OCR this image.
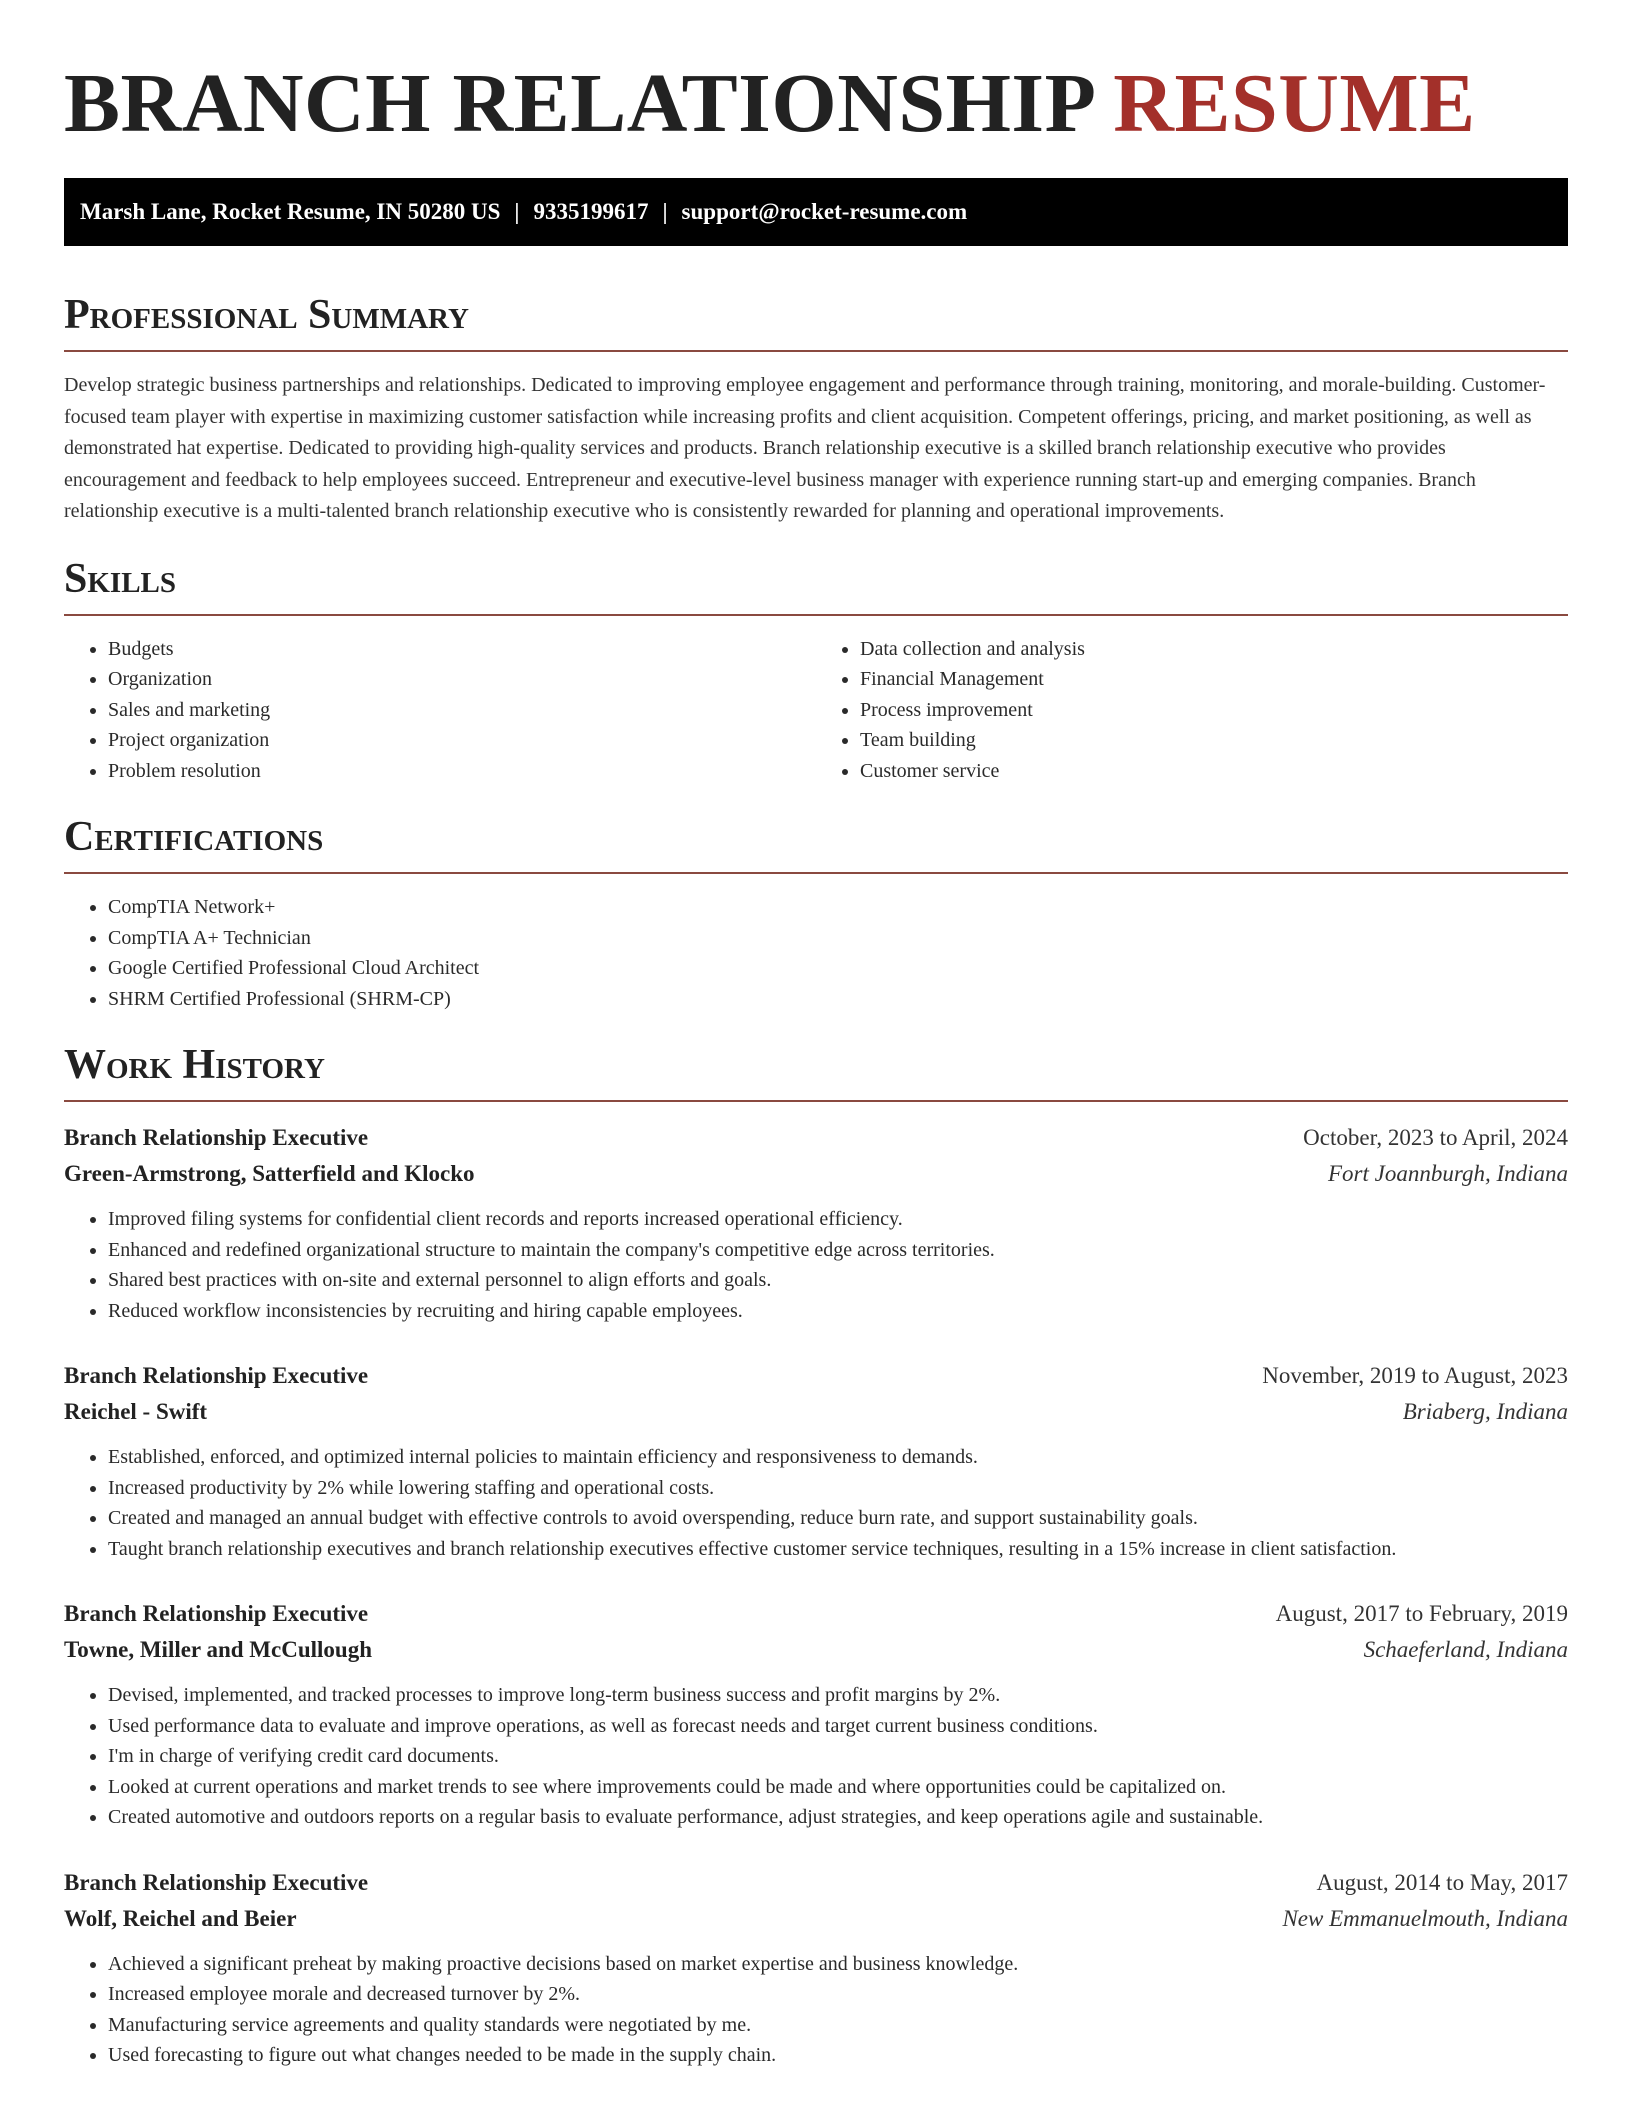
BRANCH RELATIONSHIP RESUME
Marsh Lane, Rocket Resume, IN 50280 US | 9335199617 | support@rocket-resume.com
Professional Summary

Develop strategic business partnerships and relationships. Dedicated to improving employee engagement and performance through training, monitoring, and morale-building. Customer-focused team player with expertise in maximizing customer satisfaction while increasing profits and client acquisition. Competent offerings, pricing, and market positioning, as well as demonstrated hat expertise. Dedicated to providing high-quality services and products. Branch relationship executive is a skilled branch relationship executive who provides encouragement and feedback to help employees succeed. Entrepreneur and executive-level business manager with experience running start-up and emerging companies. Branch relationship executive is a multi-talented branch relationship executive who is consistently rewarded for planning and operational improvements.

Skills
• Budgets
• Organization
• Sales and marketing
• Project organization
• Problem resolution
• Data collection and analysis
• Financial Management
• Process improvement
• Team building
• Customer service
Certifications
• CompTIA Network+
• CompTIA A+ Technician
• Google Certified Professional Cloud Architect
• SHRM Certified Professional (SHRM-CP)
Work History
Branch Relationship Executive	October, 2023 to April, 2024
Green-Armstrong, Satterfield and Klocko	Fort Joannburgh, Indiana
• Improved filing systems for confidential client records and reports increased operational efficiency.
• Enhanced and redefined organizational structure to maintain the company's competitive edge across territories.
• Shared best practices with on-site and external personnel to align efforts and goals.
• Reduced workflow inconsistencies by recruiting and hiring capable employees.
Branch Relationship Executive	November, 2019 to August, 2023
Reichel - Swift	Briaberg, Indiana
• Established, enforced, and optimized internal policies to maintain efficiency and responsiveness to demands.
• Increased productivity by 2% while lowering staffing and operational costs.
• Created and managed an annual budget with effective controls to avoid overspending, reduce burn rate, and support sustainability goals.
• Taught branch relationship executives and branch relationship executives effective customer service techniques, resulting in a 15% increase in client satisfaction.
Branch Relationship Executive	August, 2017 to February, 2019
Towne, Miller and McCullough	Schaeferland, Indiana
• Devised, implemented, and tracked processes to improve long-term business success and profit margins by 2%.
• Used performance data to evaluate and improve operations, as well as forecast needs and target current business conditions.
• I'm in charge of verifying credit card documents.
• Looked at current operations and market trends to see where improvements could be made and where opportunities could be capitalized on.
• Created automotive and outdoors reports on a regular basis to evaluate performance, adjust strategies, and keep operations agile and sustainable.
Branch Relationship Executive	August, 2014 to May, 2017
Wolf, Reichel and Beier	New Emmanuelmouth, Indiana
• Achieved a significant preheat by making proactive decisions based on market expertise and business knowledge.
• Increased employee morale and decreased turnover by 2%.
• Manufacturing service agreements and quality standards were negotiated by me.
• Used forecasting to figure out what changes needed to be made in the supply chain.
